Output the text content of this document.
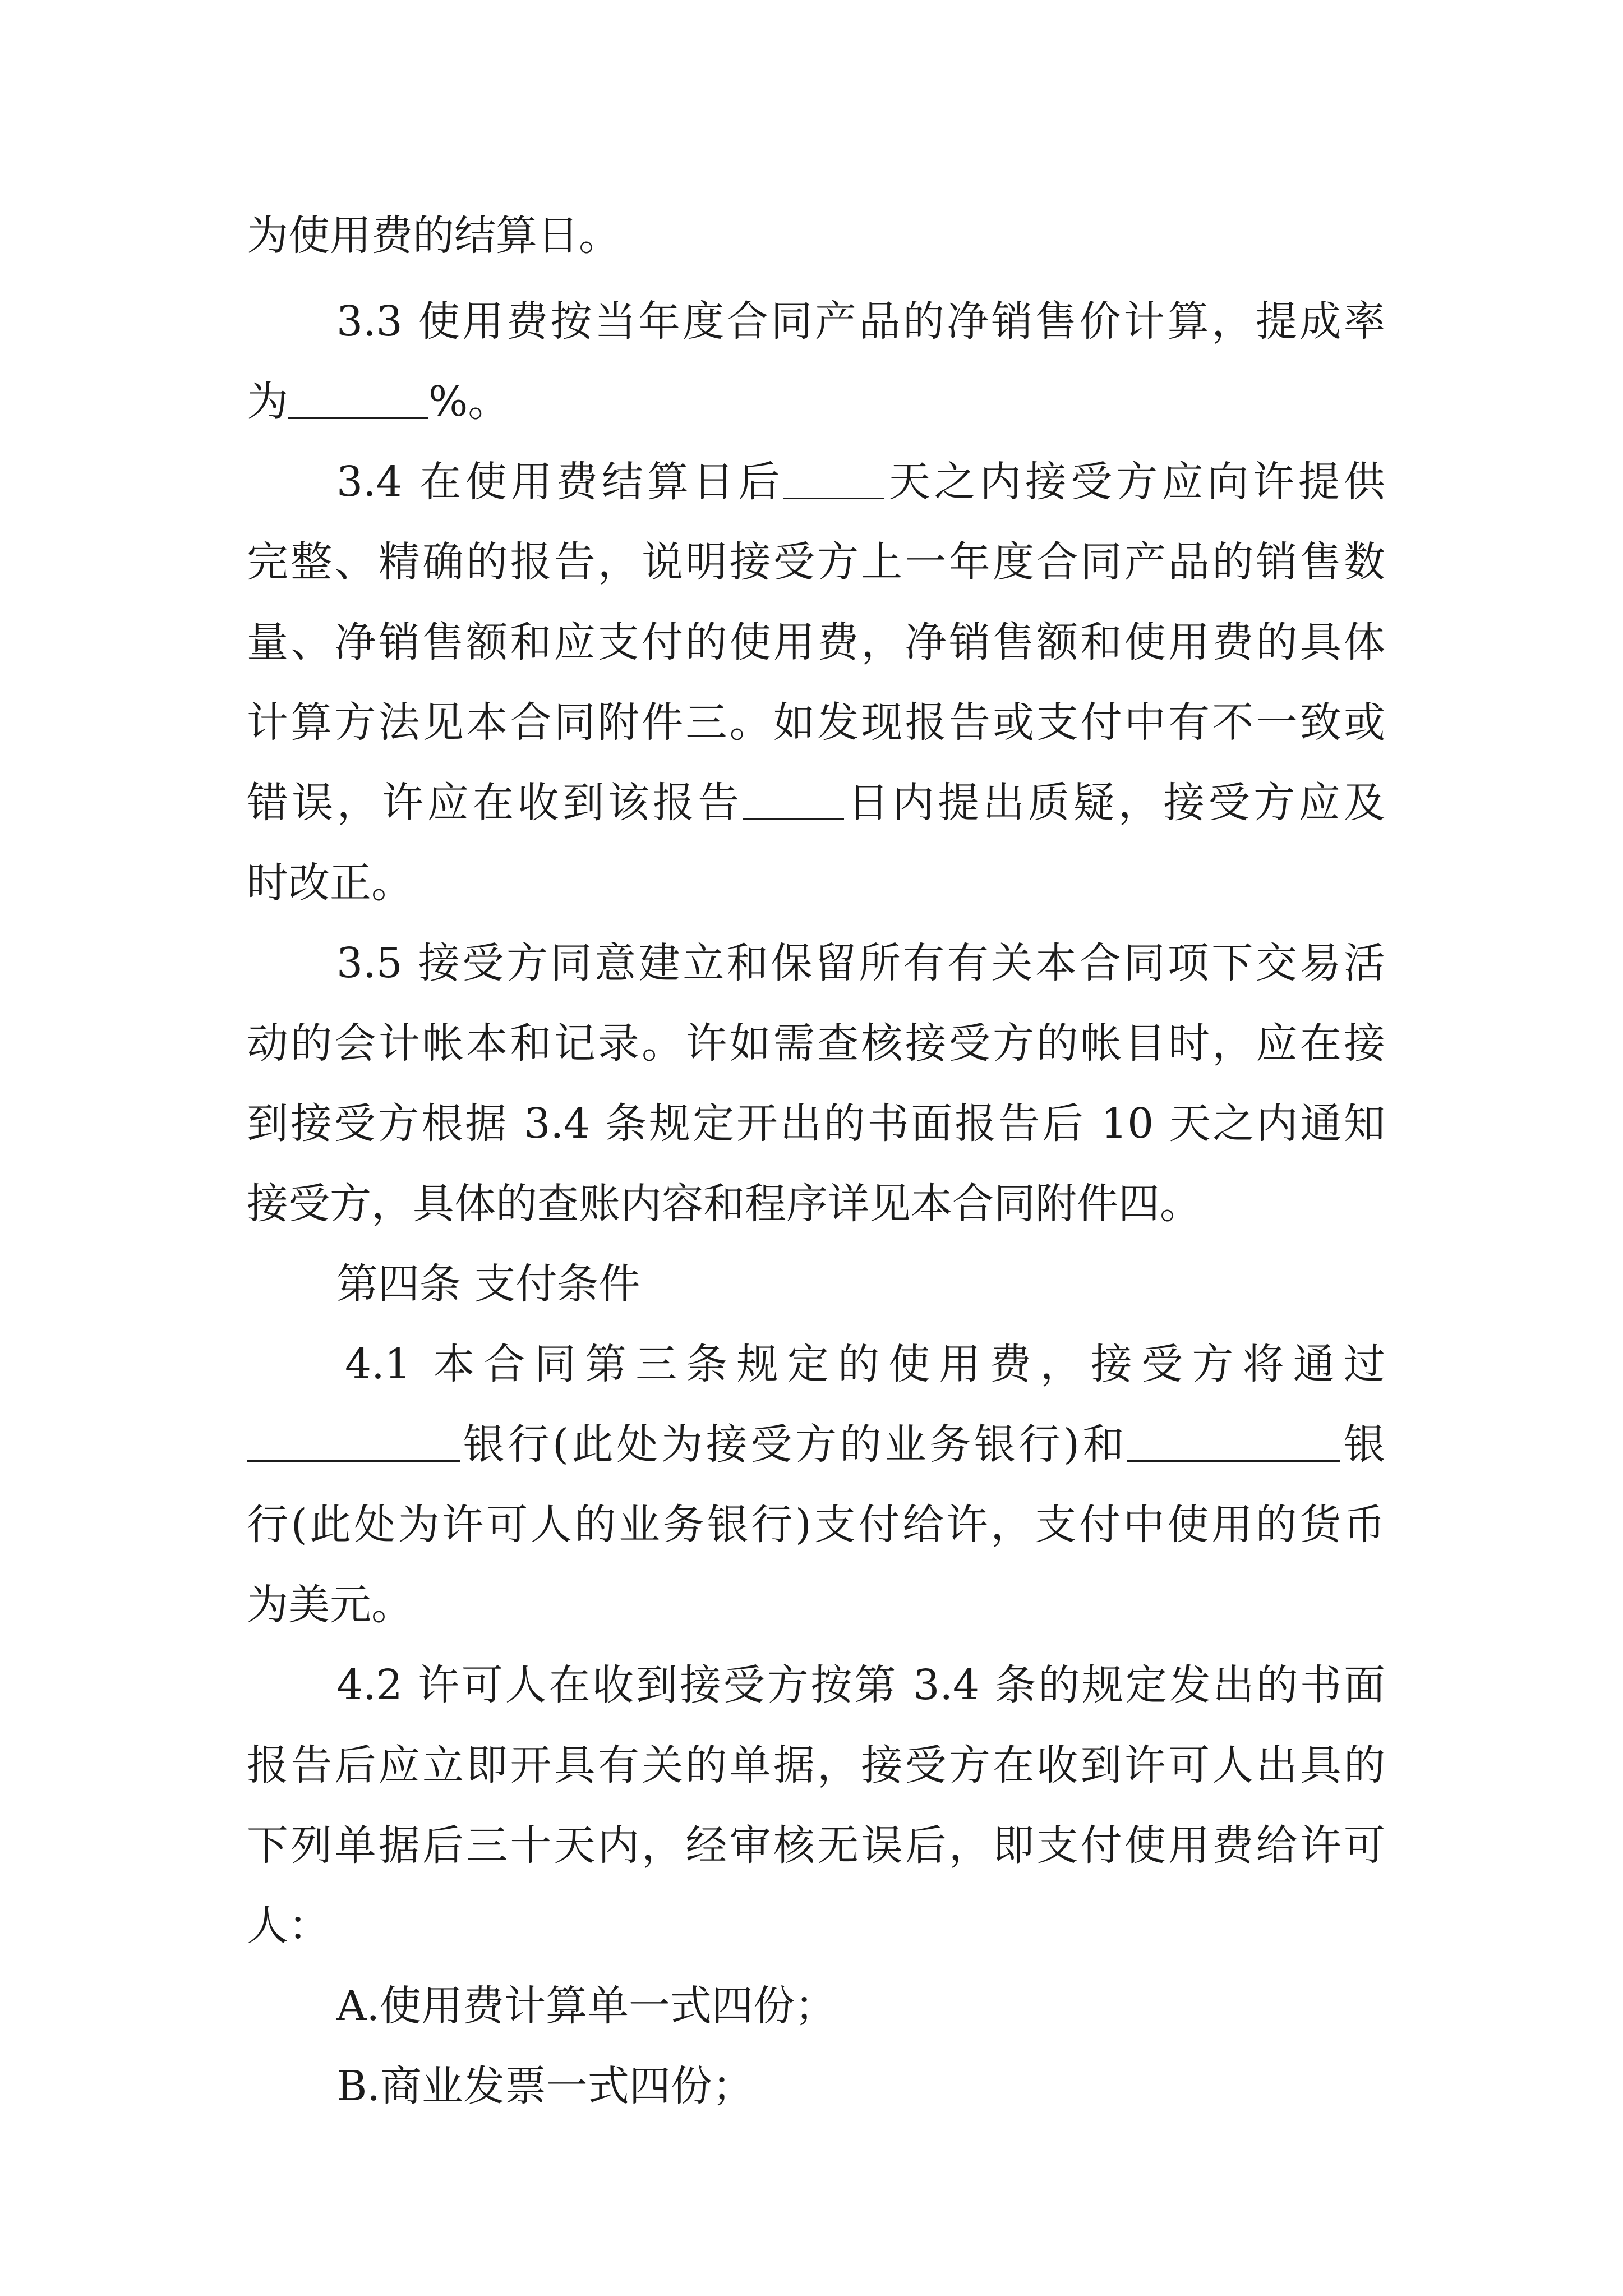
为使用费的结算日。
3.3 使用费按当年度合同产品的净销售价计算，提成率
为	%。
3.4 在使用费结算日后 天之内接受方应向许提供
完整、精确的报告，说明接受方上一年度合同产品的销售数
量、净销售额和应支付的使用费，净销售额和使用费的具体
计算方法见本合同附件三。如发现报告或支付中有不一致或
错误，许应在收到该报告 日内提出质疑，接受方应及
时改正。
3.5 接受方同意建立和保留所有有关本合同项下交易活
动的会计帐本和记录。许如需查核接受方的帐目时，应在接
到接受方根据 3.4 条规定开出的书面报告后 10 天之内通知
接受方，具体的查账内容和程序详见本合同附件四。
第四条 支付条件
4.1 本合同第三条规定的使用费，接受方将通过
银行(此处为接受方的业务银行)和	银
行(此处为许可人的业务银行)支付给许，支付中使用的货币
为美元。
4.2 许可人在收到接受方按第 3.4 条的规定发出的书面
报告后应立即开具有关的单据，接受方在收到许可人出具的
下列单据后三十天内，经审核无误后，即支付使用费给许可
人：
A.使用费计算单一式四份；
B.商业发票一式四份；
